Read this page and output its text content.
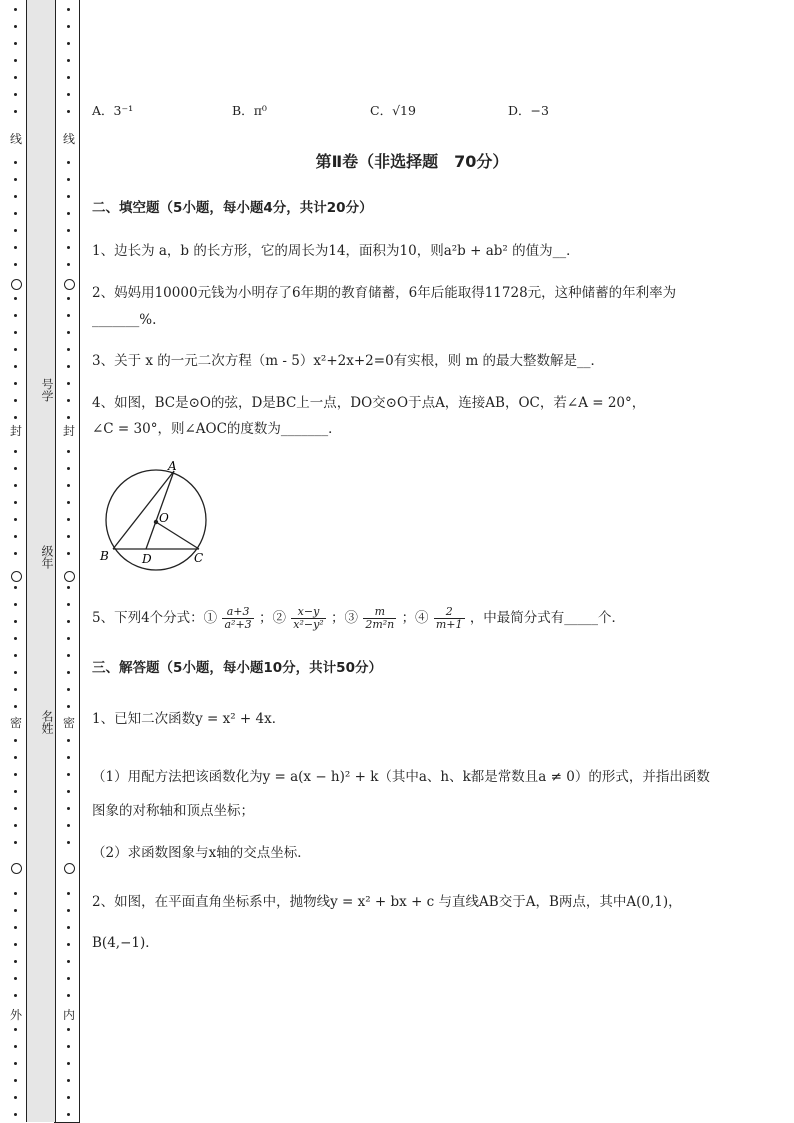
线
封
密
外
号学
级年
名姓
线
封
密
内
A．3⁻¹	B．π⁰	C．√19	D．−3
第Ⅱ卷（非选择题　70分）
二、填空题（5小题，每小题4分，共计20分）
1、边长为 a，b 的长方形，它的周长为14，面积为10，则a²b + ab² 的值为__．
2、妈妈用10000元钱为小明存了6年期的教育储蓄，6年后能取得11728元，这种储蓄的年利率为
_______%.
3、关于 x 的一元二次方程（m - 5）x²+2x+2=0有实根，则 m 的最大整数解是__．
4、如图，BC是⊙O的弦，D是BC上一点，DO交⊙O于点A，连接AB，OC，若∠A = 20°，
∠C = 30°，则∠AOC的度数为_______．
A
O
B	D	C
5、下列4个分式：① $\frac{a+3}{\text{a²+3}}$ ；② $\frac{x-y}{\text{x²−y²}}$ ；③ $\frac{m}{\text{2m²n}}$ ；④ $\frac{2}{m+1}$ ，中最简分式有_____个．
三、解答题（5小题，每小题10分，共计50分）
1、已知二次函数y = x² + 4x．
（1）用配方法把该函数化为y = a(x − h)² + k（其中a、h、k都是常数且a ≠ 0）的形式，并指出函数
图象的对称轴和顶点坐标；
（2）求函数图象与x轴的交点坐标．
2、如图，在平面直角坐标系中，抛物线y = x² + bx + c 与直线AB交于A，B两点，其中A(0,1)，
B(4,−1)．
